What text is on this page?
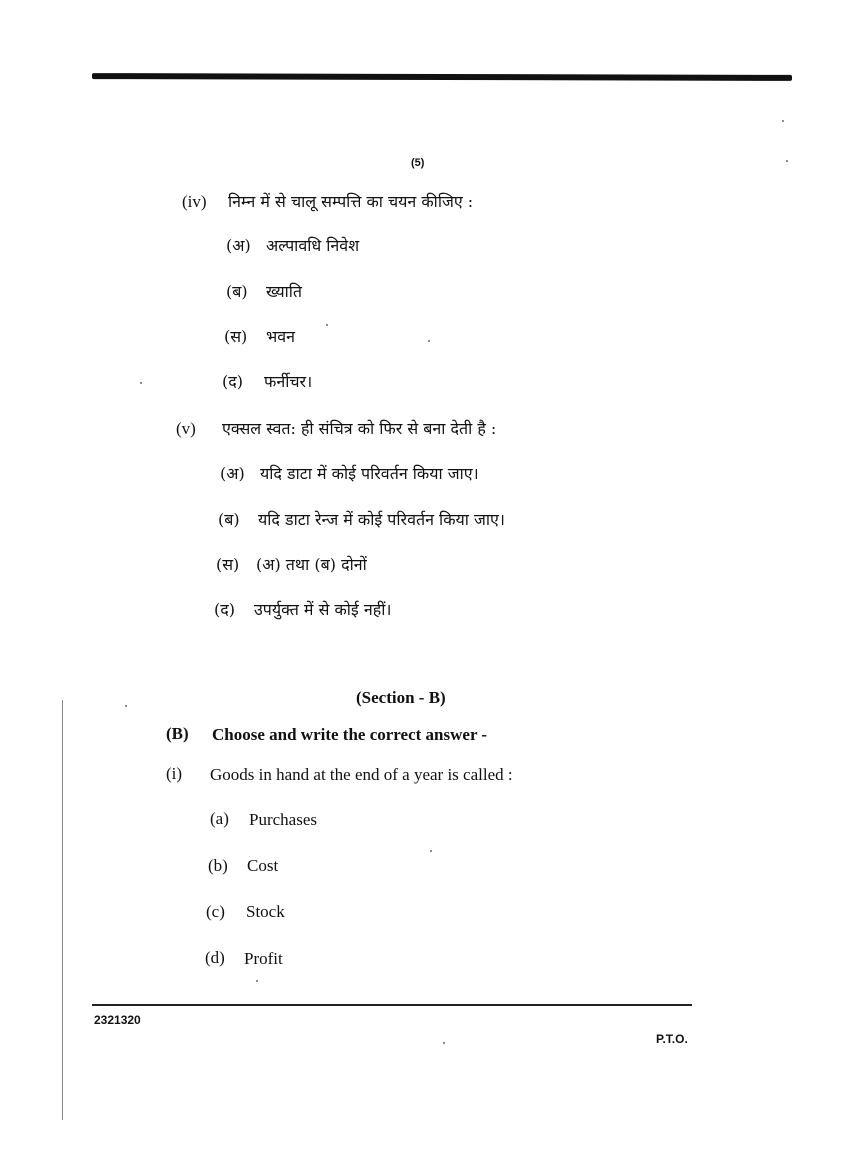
(5)
(iv) निम्न में से चालू सम्पत्ति का चयन कीजिए :
(अ) अल्पावधि निवेश
(ब) ख्याति
(स) भवन
(द) फर्नीचर।
(v) एक्सल स्वत: ही संचित्र को फिर से बना देती है :
(अ) यदि डाटा में कोई परिवर्तन किया जाए।
(ब) यदि डाटा रेन्ज में कोई परिवर्तन किया जाए।
(स) (अ) तथा (ब) दोनों
(द) उपर्युक्त में से कोई नहीं।
(Section - B)
(B) Choose and write the correct answer -
(i) Goods in hand at the end of a year is called :
(a) Purchases
(b) Cost
(c) Stock
(d) Profit
2321320
P.T.O.
